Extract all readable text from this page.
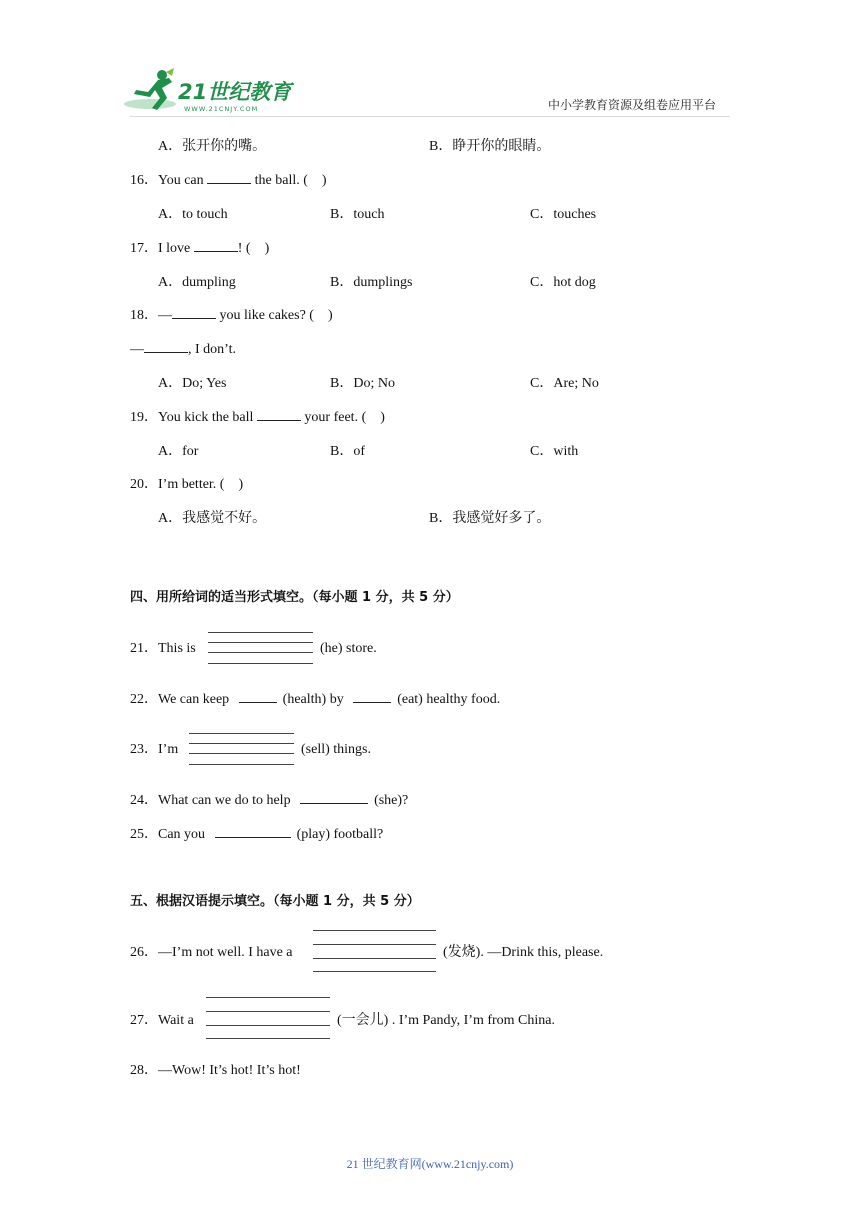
21世纪教育
WWW.21CNJY.COM	中小学教育资源及组卷应用平台
A．张开你的嘴。	B．睁开你的眼睛。
16．You can	the ball. (　)
A．to touch	B．touch	C．touches
17．I love	! (　)
A．dumpling	B．dumplings	C．hot dog
18．—	you like cakes? (　)
—	, I don’t.
A．Do; Yes	B．Do; No	C．Are; No
19．You kick the ball	your feet. (　)
A．for	B．of	C．with
20．I’m better. (　)
A．我感觉不好。	B．我感觉好多了。
四、用所给词的适当形式填空。（每小题 1 分，共 5 分）
21．This is	(he) store.
22．We can keep	(health) by	(eat) healthy food.
23．I’m	(sell) things.
24．What can we do to help	(she)?
25．Can you	(play) football?
五、根据汉语提示填空。（每小题 1 分，共 5 分）
26．—I’m not well. I have a	(发烧). —Drink this, please.
27．Wait a	(一会儿) . I’m Pandy, I’m from China.
28．—Wow! It’s hot! It’s hot!
21 世纪教育网(www.21cnjy.com)
